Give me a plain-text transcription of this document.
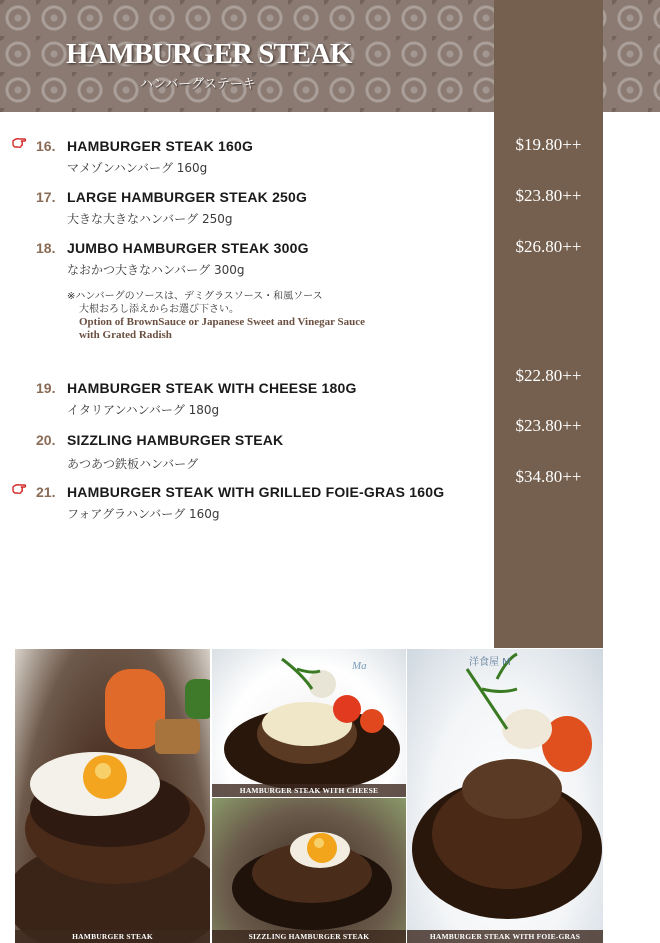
HAMBURGER STEAK
ハンバーグステーキ
16. HAMBURGER STEAK 160G
マメゾンハンバーグ 160g
$19.80++
17. LARGE HAMBURGER STEAK 250G
大きな大きなハンバーグ 250g
$23.80++
18. JUMBO HAMBURGER STEAK 300G
なおかつ大きなハンバーグ 300g
$26.80++
※ハンバーグのソースは、デミグラスソース・和風ソース
大根おろし添えからお選び下さい。
Option of BrownSauce or Japanese Sweet and Vinegar Sauce
with Grated Radish
19. HAMBURGER STEAK WITH CHEESE 180G
イタリアンハンバーグ 180g
$22.80++
20. SIZZLING HAMBURGER STEAK
あつあつ鉄板ハンバーグ
$23.80++
21. HAMBURGER STEAK WITH GRILLED FOIE-GRAS 160G
フォアグラハンバーグ 160g
$34.80++
HAMBURGER STEAK
Ma
HAMBURGER STEAK WITH CHEESE
SIZZLING HAMBURGER STEAK
洋食屋 M
HAMBURGER STEAK WITH FOIE-GRAS
